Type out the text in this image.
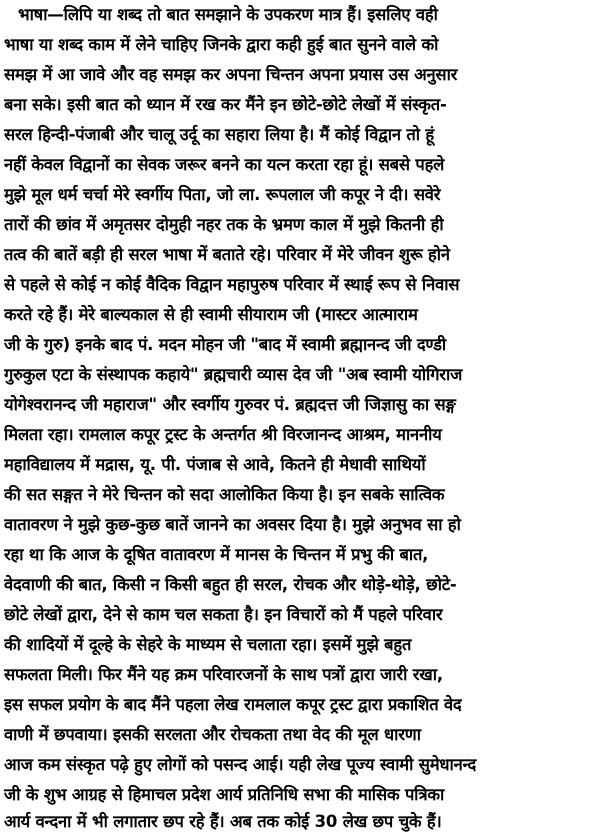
भाषा—लिपि या शब्द तो बात समझाने के उपकरण मात्र हैं। इसलिए वही
भाषा या शब्द काम में लेने चाहिए जिनके द्वारा कही हुई बात सुनने वाले को
समझ में आ जावे और वह समझ कर अपना चिन्तन अपना प्रयास उस अनुसार
बना सके। इसी बात को ध्यान में रख कर मैंने इन छोटे-छोटे लेखों में संस्कृत-
सरल हिन्दी-पंजाबी और चालू उर्दू का सहारा लिया है। मैं कोई विद्वान तो हूं
नहीं केवल विद्वानों का सेवक जरूर बनने का यत्न करता रहा हूं। सबसे पहले
मुझे मूल धर्म चर्चा मेरे स्वर्गीय पिता, जो ला. रूपलाल जी कपूर ने दी। सवेरे
तारों की छांव में अमृतसर दोमुही नहर तक के भ्रमण काल में मुझे कितनी ही
तत्व की बातें बड़ी ही सरल भाषा में बताते रहे। परिवार में मेरे जीवन शुरू होने
से पहले से कोई न कोई वैदिक विद्वान महापुरुष परिवार में स्थाई रूप से निवास
करते रहे हैं। मेरे बाल्यकाल से ही स्वामी सीयाराम जी (मास्टर आत्माराम
जी के गुरु) इनके बाद पं. मदन मोहन जी "बाद में स्वामी ब्रह्मानन्द जी दण्डी
गुरुकुल एटा के संस्थापक कहाये" ब्रह्मचारी व्यास देव जी "अब स्वामी योगिराज
योगेश्वरानन्द जी महाराज" और स्वर्गीय गुरुवर पं. ब्रह्मदत्त जी जिज्ञासु का सङ्ग
मिलता रहा। रामलाल कपूर ट्रस्ट के अन्तर्गत श्री विरजानन्द आश्रम, माननीय
महाविद्यालय में मद्रास, यू. पी. पंजाब से आवे, कितने ही मेधावी साथियों
की सत सङ्गत ने मेरे चिन्तन को सदा आलोकित किया है। इन सबके सात्विक
वातावरण ने मुझे कुछ-कुछ बातें जानने का अवसर दिया है। मुझे अनुभव सा हो
रहा था कि आज के दूषित वातावरण में मानस के चिन्तन में प्रभु की बात,
वेदवाणी की बात, किसी न किसी बहुत ही सरल, रोचक और थोड़े-थोड़े, छोटे-
छोटे लेखों द्वारा, देने से काम चल सकता है। इन विचारों को मैं पहले परिवार
की शादियों में दूल्हे के सेहरे के माध्यम से चलाता रहा। इसमें मुझे बहुत
सफलता मिली। फिर मैंने यह क्रम परिवारजनों के साथ पत्रों द्वारा जारी रखा,
इस सफल प्रयोग के बाद मैंने पहला लेख रामलाल कपूर ट्रस्ट द्वारा प्रकाशित वेद
वाणी में छपवाया। इसकी सरलता और रोचकता तथा वेद की मूल धारणा
आज कम संस्कृत पढ़े हुए लोगों को पसन्द आई। यही लेख पूज्य स्वामी सुमेधानन्द
जी के शुभ आग्रह से हिमाचल प्रदेश आर्य प्रतिनिधि सभा की मासिक पत्रिका
आर्य वन्दना में भी लगातार छप रहे हैं। अब तक कोई 30 लेख छप चुके हैं।
